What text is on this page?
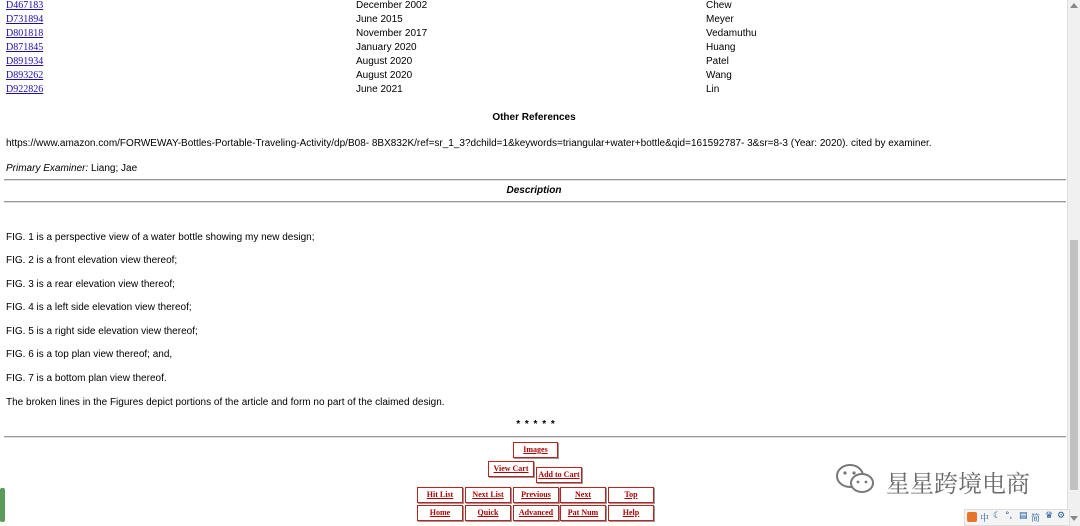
D467183	December 2002	Chew
D731894	June 2015	Meyer
D801818	November 2017	Vedamuthu
D871845	January 2020	Huang
D891934	August 2020	Patel
D893262	August 2020	Wang
D922826	June 2021	Lin
Other References
https://www.amazon.com/FORWEWAY-Bottles-Portable-Traveling-Activity/dp/B08- 8BX832K/ref=sr_1_3?dchild=1&keywords=triangular+water+bottle&qid=161592787- 3&sr=8-3 (Year: 2020). cited by examiner.
Primary Examiner: Liang; Jae
Description
FIG. 1 is a perspective view of a water bottle showing my new design;
FIG. 2 is a front elevation view thereof;
FIG. 3 is a rear elevation view thereof;
FIG. 4 is a left side elevation view thereof;
FIG. 5 is a right side elevation view thereof;
FIG. 6 is a top plan view thereof; and,
FIG. 7 is a bottom plan view thereof.
The broken lines in the Figures depict portions of the article and form no part of the claimed design.
* * * * *
Images
View Cart
Add to Cart
Hit List	Next List	Previous	Next	Top
Home	Quick	Advanced	Pat Num	Help
星星跨境电商
中 ☾ °, ▤ 简 ♛ ⚙
